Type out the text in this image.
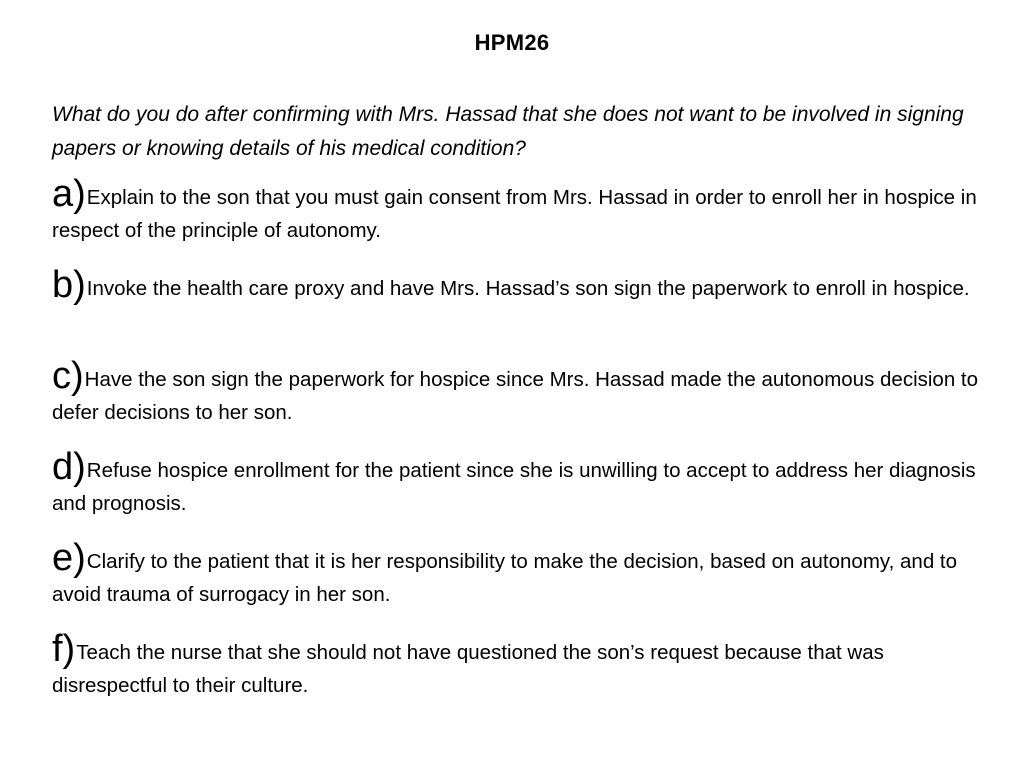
HPM26
What do you do after confirming with Mrs. Hassad that she does not want to be involved in signing papers or knowing details of his medical condition?
a)Explain to the son that you must gain consent from Mrs. Hassad in order to enroll her in hospice in respect of the principle of autonomy.
b)Invoke the health care proxy and have Mrs. Hassad’s son sign the paperwork to enroll in hospice.
c)Have the son sign the paperwork for hospice since Mrs. Hassad made the autonomous decision to defer decisions to her son.
d)Refuse hospice enrollment for the patient since she is unwilling to accept to address her diagnosis and prognosis.
e)Clarify to the patient that it is her responsibility to make the decision, based on autonomy, and to avoid trauma of surrogacy in her son.
f)Teach the nurse that she should not have questioned the son’s request because that was disrespectful to their culture.
